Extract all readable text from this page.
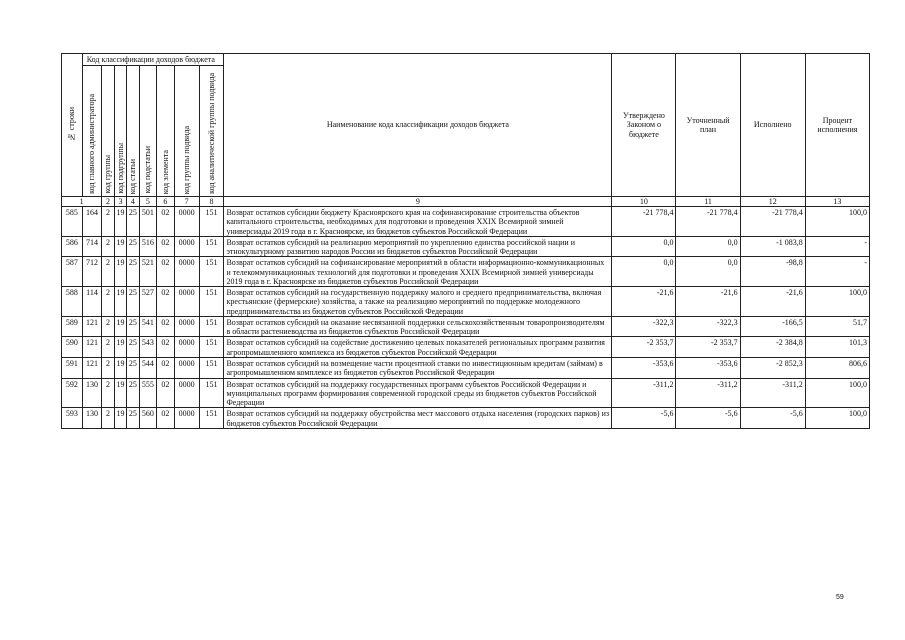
№ строки	Код классификации доходов бюджета								Наименование кода классификации доходов бюджета	Утверждено Законом о бюджете	Уточненный план	Исполнено	Процент исполнения
	код главного администратора	код группы	код подгруппы	код статьи	код подстатьи	код элемента	код группы подвида	код аналитической группы подвида					
1		2	3	4	5	6	7	8	9	10	11	12	13
585	164	2	19	25	501	02	0000	151	Возврат остатков субсидии бюджету Красноярского края на софинансирование строительства объектов капитального строительства, необходимых для подготовки и проведения XXIX Всемирной зимней универсиады 2019 года в г. Красноярске, из бюджетов субъектов Российской Федерации	-21 778,4	-21 778,4	-21 778,4	100,0
586	714	2	19	25	516	02	0000	151	Возврат остатков субсидий на реализацию мероприятий по укреплению единства российской нации и этнокультурному развитию народов России из бюджетов субъектов Российской Федерации	0,0	0,0	-1 083,8	-
587	712	2	19	25	521	02	0000	151	Возврат остатков субсидий на софинансирование мероприятий в области информационно-коммуникационных и телекоммуникационных технологий для подготовки и проведения XXIX Всемирной зимней универсиады 2019 года в г. Красноярске из бюджетов субъектов Российской Федерации	0,0	0,0	-98,8	-
588	114	2	19	25	527	02	0000	151	Возврат остатков субсидий на государственную поддержку малого и среднего предпринимательства, включая крестьянские (фермерские) хозяйства, а также на реализацию мероприятий по поддержке молодежного предпринимательства из бюджетов субъектов Российской Федерации	-21,6	-21,6	-21,6	100,0
589	121	2	19	25	541	02	0000	151	Возврат остатков субсидий на оказание несвязанной поддержки сельскохозяйственным товаропроизводителям в области растениеводства из бюджетов субъектов Российской Федерации	-322,3	-322,3	-166,5	51,7
590	121	2	19	25	543	02	0000	151	Возврат остатков субсидий на содействие достижению целевых показателей региональных программ развития агропромышленного комплекса из бюджетов субъектов Российской Федерации	-2 353,7	-2 353,7	-2 384,8	101,3
591	121	2	19	25	544	02	0000	151	Возврат остатков субсидий на возмещение части процентной ставки по инвестиционным кредитам (займам) в агропромышленном комплексе из бюджетов субъектов Российской Федерации	-353,6	-353,6	-2 852,3	806,6
592	130	2	19	25	555	02	0000	151	Возврат остатков субсидий на поддержку государственных программ субъектов Российской Федерации и муниципальных программ формирования современной городской среды из бюджетов субъектов Российской Федерации	-311,2	-311,2	-311,2	100,0
593	130	2	19	25	560	02	0000	151	Возврат остатков субсидий на поддержку обустройства мест массового отдыха населения (городских парков) из бюджетов субъектов Российской Федерации	-5,6	-5,6	-5,6	100,0
59
